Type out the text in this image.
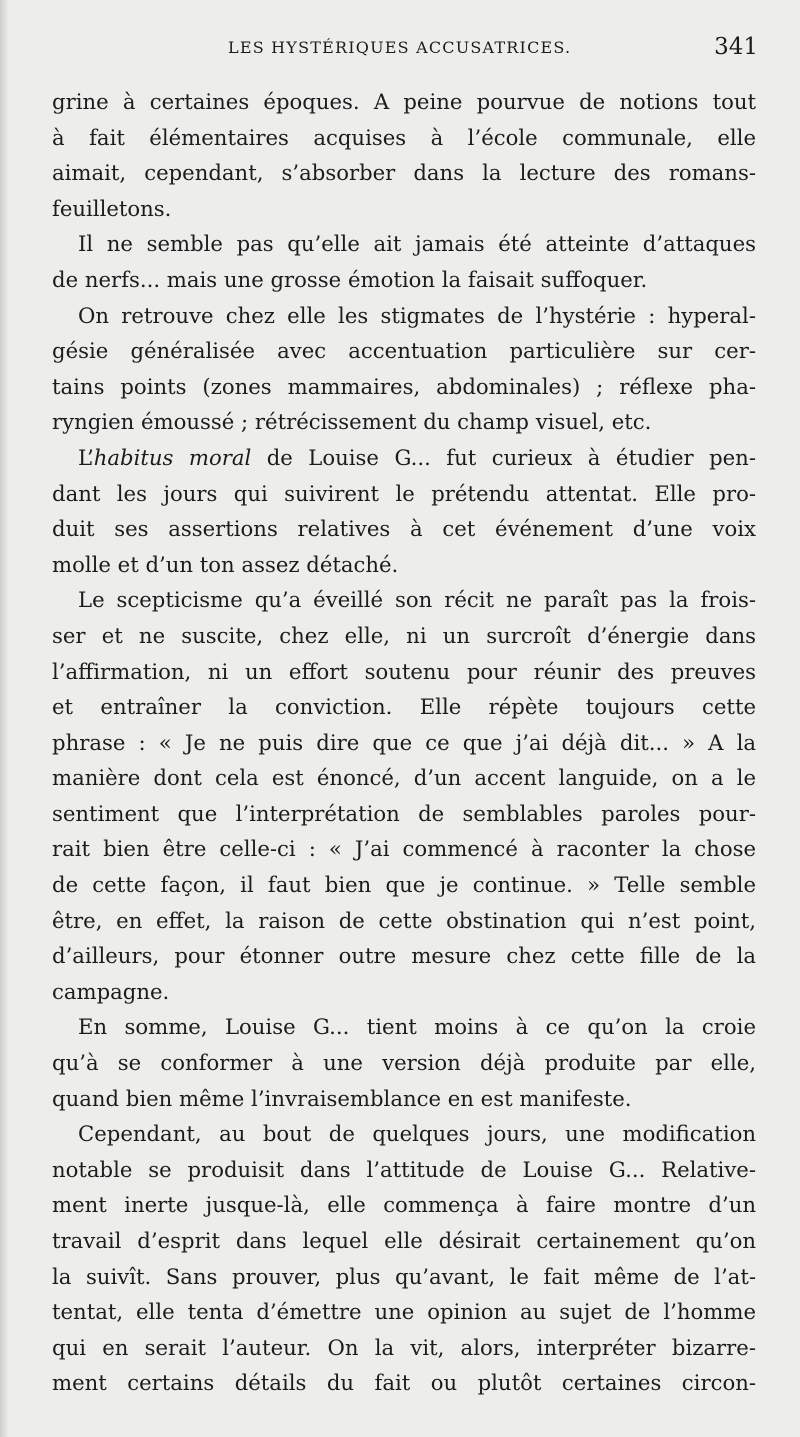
LES HYSTÉRIQUES ACCUSATRICES.	341
grine à certaines époques. A peine pourvue de notions tout
à fait élémentaires acquises à l’école communale, elle
aimait, cependant, s’absorber dans la lecture des romans-
feuilletons.
Il ne semble pas qu’elle ait jamais été atteinte d’attaques
de nerfs... mais une grosse émotion la faisait suffoquer.
On retrouve chez elle les stigmates de l’hystérie : hyperal-
gésie généralisée avec accentuation particulière sur cer-
tains points (zones mammaires, abdominales) ; réflexe pha-
ryngien émoussé ; rétrécissement du champ visuel, etc.
L’habitus moral de Louise G... fut curieux à étudier pen-
dant les jours qui suivirent le prétendu attentat. Elle pro-
duit ses assertions relatives à cet événement d’une voix
molle et d’un ton assez détaché.
Le scepticisme qu’a éveillé son récit ne paraît pas la frois-
ser et ne suscite, chez elle, ni un surcroît d’énergie dans
l’affirmation, ni un effort soutenu pour réunir des preuves
et entraîner la conviction. Elle répète toujours cette
phrase : « Je ne puis dire que ce que j’ai déjà dit... » A la
manière dont cela est énoncé, d’un accent languide, on a le
sentiment que l’interprétation de semblables paroles pour-
rait bien être celle-ci : « J’ai commencé à raconter la chose
de cette façon, il faut bien que je continue. » Telle semble
être, en effet, la raison de cette obstination qui n’est point,
d’ailleurs, pour étonner outre mesure chez cette fille de la
campagne.
En somme, Louise G... tient moins à ce qu’on la croie
qu’à se conformer à une version déjà produite par elle,
quand bien même l’invraisemblance en est manifeste.
Cependant, au bout de quelques jours, une modification
notable se produisit dans l’attitude de Louise G... Relative-
ment inerte jusque-là, elle commença à faire montre d’un
travail d’esprit dans lequel elle désirait certainement qu’on
la suivît. Sans prouver, plus qu’avant, le fait même de l’at-
tentat, elle tenta d’émettre une opinion au sujet de l’homme
qui en serait l’auteur. On la vit, alors, interpréter bizarre-
ment certains détails du fait ou plutôt certaines circon-
